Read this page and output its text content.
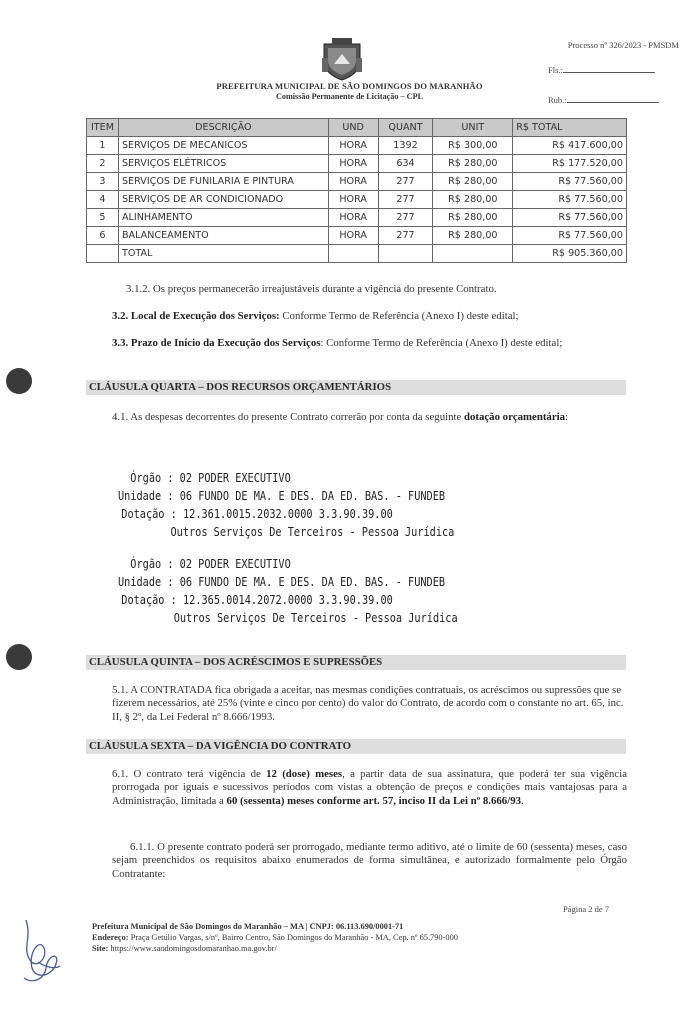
Processo nº 326/2023 - PMSDM
Fls.:
Rub.:
PREFEITURA MUNICIPAL DE SÃO DOMINGOS DO MARANHÃO
Comissão Permanente de Licitação – CPL
ITEM	DESCRIÇÃO	UND	QUANT	UNIT	R$ TOTAL
1	SERVIÇOS DE MECANICOS	HORA	1392	R$ 300,00	R$ 417.600,00
2	SERVIÇOS ELÉTRICOS	HORA	634	R$ 280,00	R$ 177.520,00
3	SERVIÇOS DE FUNILARIA E PINTURA	HORA	277	R$ 280,00	R$ 77.560,00
4	SERVIÇOS DE AR CONDICIONADO	HORA	277	R$ 280,00	R$ 77.560,00
5	ALINHAMENTO	HORA	277	R$ 280,00	R$ 77.560,00
6	BALANCEAMENTO	HORA	277	R$ 280,00	R$ 77.560,00
	TOTAL				R$ 905.360,00
3.1.2. Os preços permanecerão irreajustáveis durante a vigência do presente Contrato.
3.2. Local de Execução dos Serviços: Conforme Termo de Referência (Anexo I) deste edital;
3.3. Prazo de Início da Execução dos Serviços: Conforme Termo de Referência (Anexo I) deste edital;
CLÁUSULA QUARTA – DOS RECURSOS ORÇAMENTÁRIOS
4.1. As despesas decorrentes do presente Contrato correrão por conta da seguinte dotação orçamentária:
Órgão : 02 PODER EXECUTIVO
Unidade : 06 FUNDO DE MA. E DES. DA ED. BAS. - FUNDEB
Dotação : 12.361.0015.2032.0000 3.3.90.39.00
Outros Serviços De Terceiros - Pessoa Jurídica
Órgão : 02 PODER EXECUTIVO
Unidade : 06 FUNDO DE MA. E DES. DA ED. BAS. - FUNDEB
Dotação : 12.365.0014.2072.0000 3.3.90.39.00
Outros Serviços De Terceiros - Pessoa Jurídica
CLÁUSULA QUINTA – DOS ACRÉSCIMOS E SUPRESSÕES
5.1. A CONTRATADA fica obrigada a aceitar, nas mesmas condições contratuais, os acréscimos ou supressões que se fizerem necessários, até 25% (vinte e cinco por cento) do valor do Contrato, de acordo com o constante no art. 65, inc. II, § 2º, da Lei Federal nº 8.666/1993.
CLÁUSULA SEXTA – DA VIGÊNCIA DO CONTRATO
6.1. O contrato terá vigência de 12 (dose) meses, a partir data de sua assinatura, que poderá ter sua vigência prorrogada por iguais e sucessivos períodos com vistas a obtenção de preços e condições mais vantajosas para a Administração, limitada a 60 (sessenta) meses conforme art. 57, inciso II da Lei nº 8.666/93.
6.1.1. O presente contrato poderá ser prorrogado, mediante termo aditivo, até o limite de 60 (sessenta) meses, caso sejam preenchidos os requisitos abaixo enumerados de forma simultânea, e autorizado formalmente pelo Órgão Contratante:
Página 2 de 7
Prefeitura Municipal de São Domingos do Maranhão – MA | CNPJ: 06.113.690/0001-71
Endereço: Praça Getúlio Vargas, s/nº, Bairro Centro, São Domingos do Maranhão - MA, Cep. nº 65.790-000
Site: https://www.saodomingosdomaranhao.ma.gov.br/
